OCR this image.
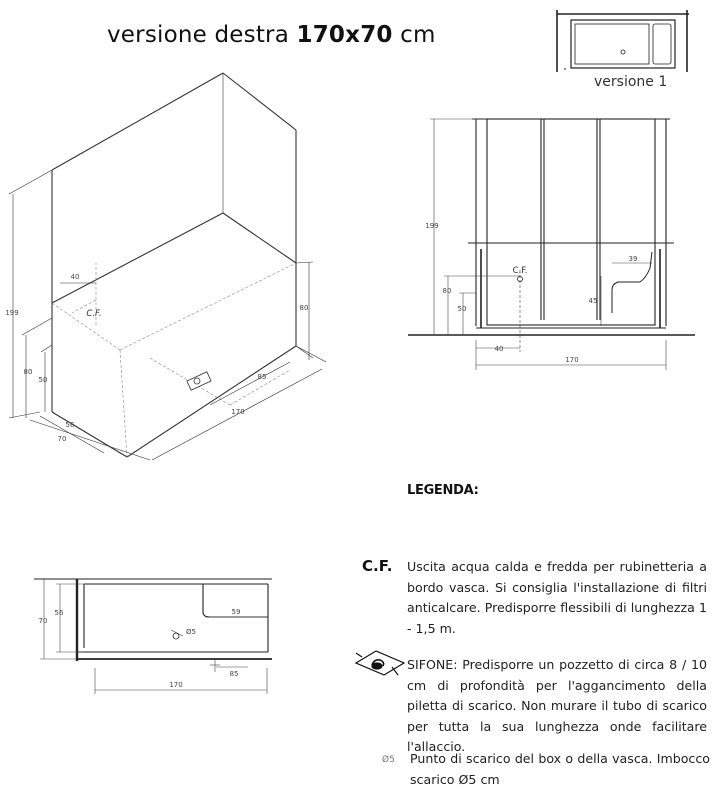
versione destra 170x70 cm
versione 1
199
80
50
80
40
85
170
56
70
C.F.
199
80
50
39
45
40
170
C.F.
70
56	59
Ø5
85
170
LEGENDA:
C.F. Uscita acqua calda e fredda per rubinetteria a bordo vasca. Si consiglia l'installazione di filtri anticalcare. Predisporre flessibili di lunghezza 1 - 1,5 m.
SIFONE: Predisporre un pozzetto di circa 8 / 10 cm di profondità per l'aggancimento della piletta di scarico. Non murare il tubo di scarico per tutta la sua lunghezza onde facilitare l'allaccio.
Ø5 Punto di scarico del box o della vasca. Imbocco scarico Ø5 cm
